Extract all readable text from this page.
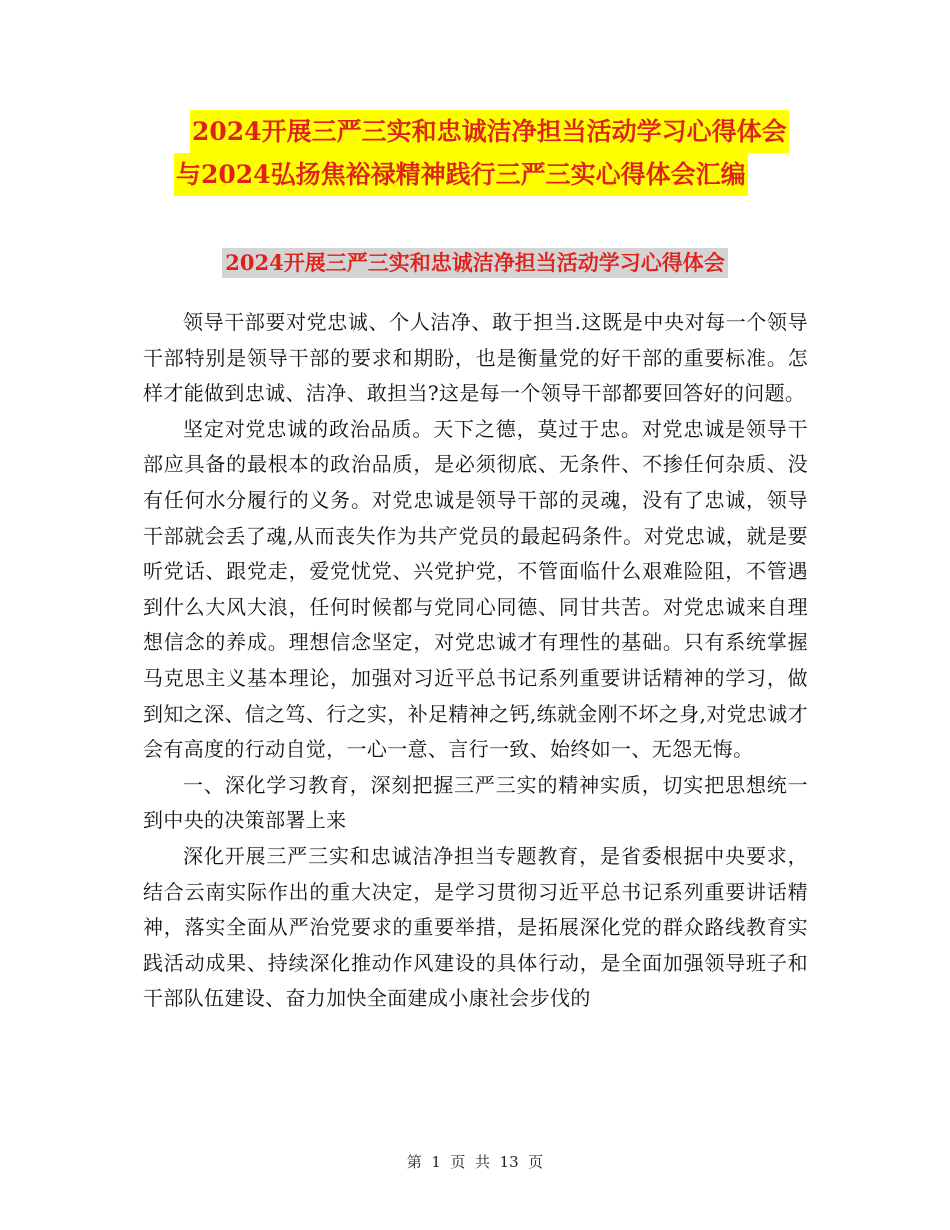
2024开展三严三实和忠诚洁净担当活动学习心得体会
与2024弘扬焦裕禄精神践行三严三实心得体会汇编
2024开展三严三实和忠诚洁净担当活动学习心得体会

领导干部要对党忠诚、个人洁净、敢于担当.这既是中央对每一个领导干部特别是领导干部的要求和期盼，也是衡量党的好干部的重要标准。怎样才能做到忠诚、洁净、敢担当?这是每一个领导干部都要回答好的问题。

坚定对党忠诚的政治品质。天下之德，莫过于忠。对党忠诚是领导干部应具备的最根本的政治品质，是必须彻底、无条件、不掺任何杂质、没有任何水分履行的义务。对党忠诚是领导干部的灵魂，没有了忠诚，领导干部就会丢了魂,从而丧失作为共产党员的最起码条件。对党忠诚，就是要听党话、跟党走，爱党忧党、兴党护党，不管面临什么艰难险阻，不管遇到什么大风大浪，任何时候都与党同心同德、同甘共苦。对党忠诚来自理想信念的养成。理想信念坚定，对党忠诚才有理性的基础。只有系统掌握马克思主义基本理论，加强对习近平总书记系列重要讲话精神的学习，做到知之深、信之笃、行之实，补足精神之钙,练就金刚不坏之身,对党忠诚才会有高度的行动自觉，一心一意、言行一致、始终如一、无怨无悔。

一、深化学习教育，深刻把握三严三实的精神实质，切实把思想统一到中央的决策部署上来

深化开展三严三实和忠诚洁净担当专题教育，是省委根据中央要求，结合云南实际作出的重大决定，是学习贯彻习近平总书记系列重要讲话精神，落实全面从严治党要求的重要举措，是拓展深化党的群众路线教育实践活动成果、持续深化推动作风建设的具体行动，是全面加强领导班子和干部队伍建设、奋力加快全面建成小康社会步伐的

第  1  页  共  13  页
